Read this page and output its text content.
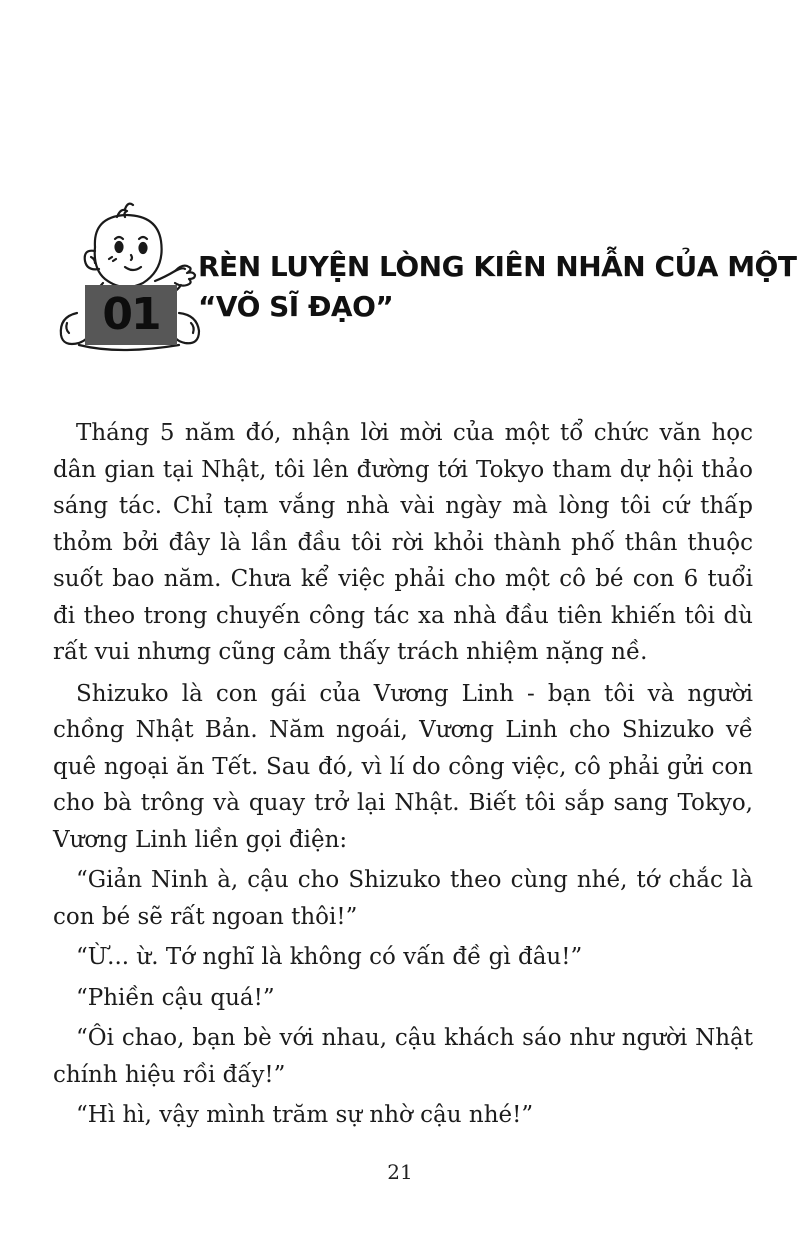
01
RÈN LUYỆN LÒNG KIÊN NHẪN CỦA MỘT
“VÕ SĨ ĐẠO”

Tháng 5 năm đó, nhận lời mời của một tổ chức văn học dân gian tại Nhật, tôi lên đường tới Tokyo tham dự hội thảo sáng tác. Chỉ tạm vắng nhà vài ngày mà lòng tôi cứ thấp thỏm bởi đây là lần đầu tôi rời khỏi thành phố thân thuộc suốt bao năm. Chưa kể việc phải cho một cô bé con 6 tuổi đi theo trong chuyến công tác xa nhà đầu tiên khiến tôi dù rất vui nhưng cũng cảm thấy trách nhiệm nặng nề.

Shizuko là con gái của Vương Linh - bạn tôi và người chồng Nhật Bản. Năm ngoái, Vương Linh cho Shizuko về quê ngoại ăn Tết. Sau đó, vì lí do công việc, cô phải gửi con cho bà trông và quay trở lại Nhật. Biết tôi sắp sang Tokyo, Vương Linh liền gọi điện:

“Giản Ninh à, cậu cho Shizuko theo cùng nhé, tớ chắc là con bé sẽ rất ngoan thôi!”

“Ừ... ừ. Tớ nghĩ là không có vấn đề gì đâu!”

“Phiền cậu quá!”

“Ôi chao, bạn bè với nhau, cậu khách sáo như người Nhật chính hiệu rồi đấy!”

“Hì hì, vậy mình trăm sự nhờ cậu nhé!”

21
